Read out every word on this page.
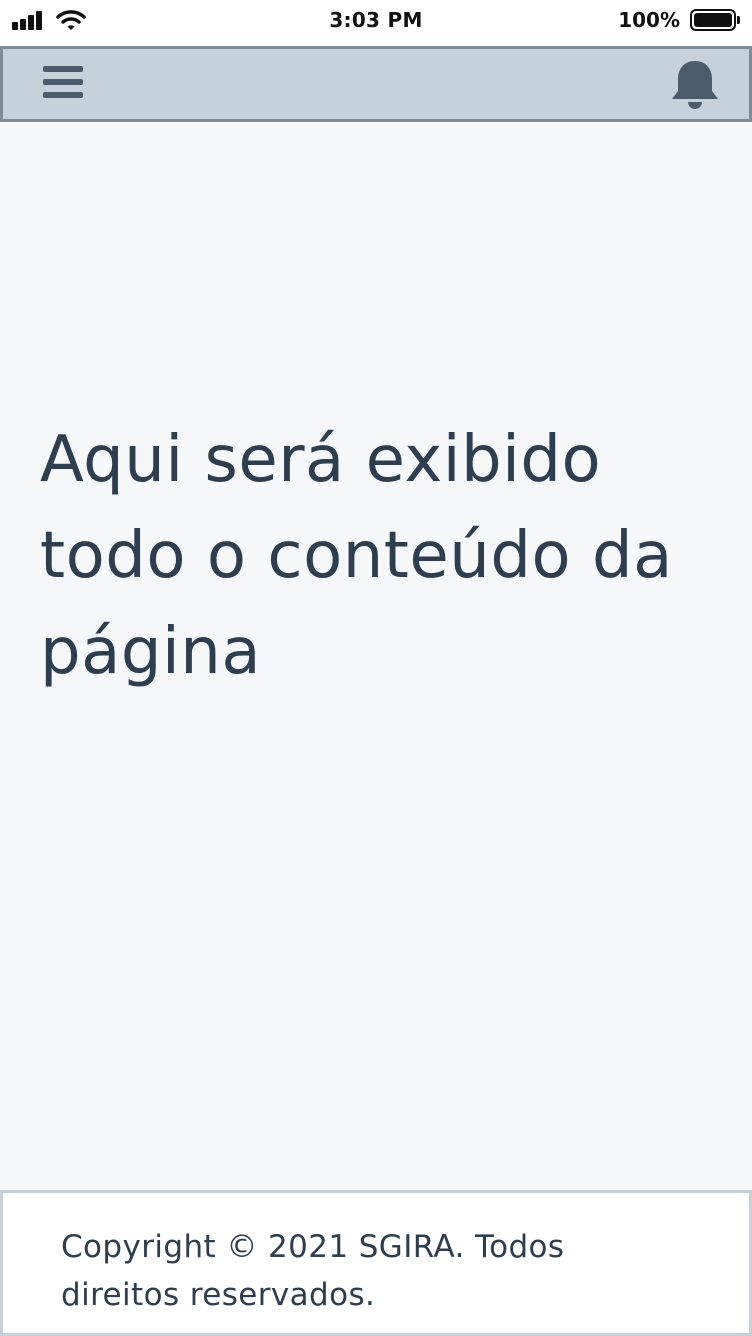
3:03 PM	100%
Aqui será exibido todo o conteúdo da página

Copyright © 2021 SGIRA. Todos direitos reservados.
